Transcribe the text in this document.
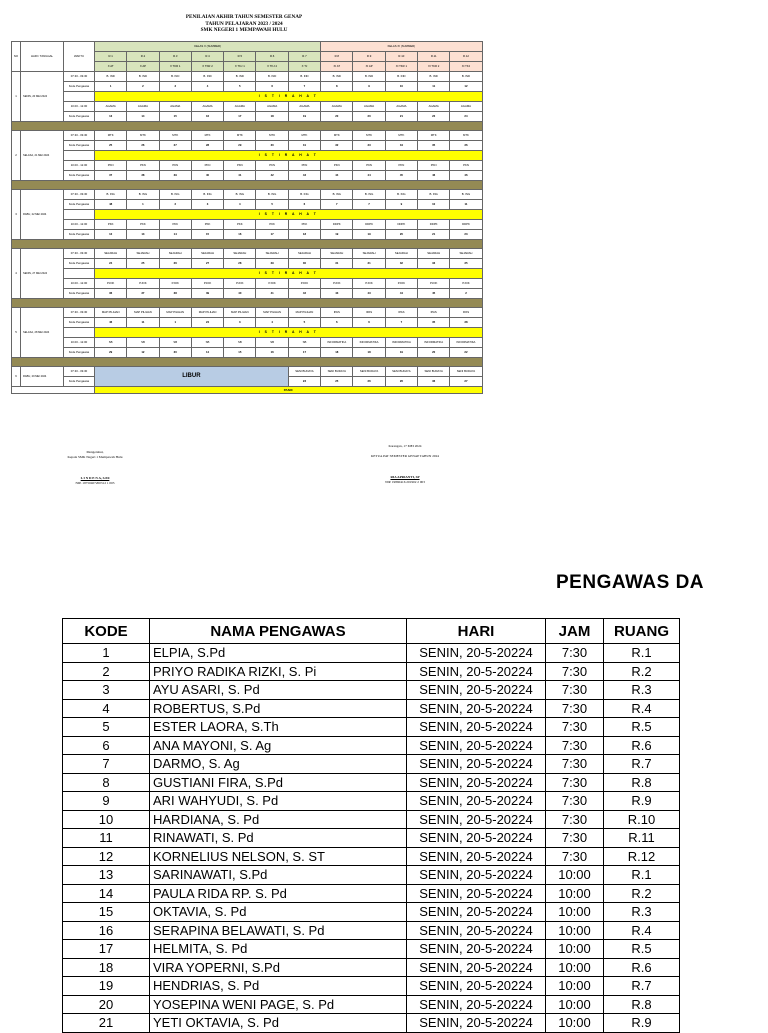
PENILAIAN AKHIR TAHUN SEMESTER GENAP
TAHUN PELAJARAN 2023 / 2024
SMK NEGERI 1 MEMPAWAH HULU
NO	HARI / TANGGAL	WAKTU	KELAS X (SUMMER)							KELAS XI (SUMMER)				
			R.1	R.2	R.3	R.4	R.5	R.6	R.7	R.8	R.9	R.10	R.11	R.12
			X AT	X AP	X TKR 1	X TKR 2	X TKJ 1	X TKJ 2	X TJ	XI AT	XI AP	XI TKR 1	XI TKR 2	XI TKJ
1	SENIN, 20 MEI 2024	07.30 - 09.30	B. IND	B. IND	B. IND	B. IND	B. IND	B. IND	B. IND	B. IND	B. IND	B. IND	B. IND	B. IND
		Kode Pengawas	1	2	3	4	5	6	7	8	9	10	11	12
			I S T I R A H A T											
		10.00 - 12.00	AGAMA	AGAMA	AGAMA	AGAMA	AGAMA	AGAMA	AGAMA	AGAMA	AGAMA	AGAMA	AGAMA	AGAMA
		Kode Pengawas	13	14	15	16	17	18	19	20	20	21	22	24

2	SELASA, 21 MEI 2024	07.30 - 09.30	MTK	MTK	MTK	MTK	MTK	MTK	MTK	MTK	MTK	MTK	MTK	MTK
		Kode Pengawas	25	26	27	28	29	30	31	32	33	34	35	36
			I S T I R A H A T											
		10.00 - 12.00	PKN	PKN	PKN	PKN	PKN	PKN	PKN	PKN	PKN	PKN	PKN	PKN
		Kode Pengawas	37	38	39	40	41	42	43	44	44	45	46	46

3	RABU, 22 MEI 2024	07.30 - 09.30	B. ING	B. ING	B. ING	B. ING	B. ING	B. ING	B. ING	B. ING	B. ING	B. ING	B. ING	B. ING
		Kode Pengawas	48	1	2	3	4	5	6	7	7	9	10	11
			I S T I R A H A T											
		10.00 - 12.00	PKK	PKK	PKK	PKK	PKK	PKK	PKK	DDPK	DDPK	DDPK	DDPK	DDPK
		Kode Pengawas	12	13	14	15	16	17	18	19	19	20	21	23

4	SENIN, 27 MEI 2024	07.30 - 09.30	SEJARAH	SEJARAH	SEJARAH	SEJARAH	SEJARAH	SEJARAH	SEJARAH	SEJARAH	SEJARAH	SEJARAH	SEJARAH	SEJARAH
		Kode Pengawas	24	25	26	27	28	29	30	31	31	32	33	35
			I S T I R A H A T											
		10.00 - 12.00	PJOK	PJOK	PJOK	PJOK	PJOK	PJOK	PJOK	PJOK	PJOK	PJOK	PJOK	PJOK
		Kode Pengawas	36	37	38	39	40	41	42	43	43	44	45	2

5	SELASA, 28 MEI 2024	07.30 - 09.30	MAP PILIHAN	MAP PILIHAN	MAP PILIHAN	MAP PILIHAN	MAP PILIHAN	MAP PILIHAN	MAP PILIHAN	IPAS	IPAS	IPAS	IPAS	IPAS
		Kode Pengawas	46	11	1	24	3	4	5	6	6	7	35	38
			I S T I R A H A T											
		10.00 - 12.00	SB	SB	SB	SB	SB	SB	SB	INFORMATIKA	INFORMATIKA	INFORMATIKA	INFORMATIKA	INFORMATIKA
		Kode Pengawas	29	12	30	14	15	16	17	18	18	19	20	22

6	RABU, 29 MEI 2024	07.30 - 09.30	LIBUR						SENI BUDAYA	SENI BUDAYA	SENI BUDAYA	SENI BUDAYA	SENI BUDAYA	SENI BUDAYA
		Kode Pengawas							23	25	26	26	36	27
			PANIC											
Mengetahui,
Kepala SMK Negeri 1 Mempawah Hulu
L I N D E N A, S.Pd
NIP. 19750407200312 1 003
Karangan, 17 MEI 2024
KETUA PAT SEMESTER GENAP TAHUN 2024
RIA APRIANTI, SP
NIP. 19860416 201902 2 003
PENGAWAS DA
KODE	NAMA PENGAWAS	HARI	JAM	RUANG
1	ELPIA, S.Pd	SENIN, 20-5-20224	7:30	R.1
2	PRIYO RADIKA RIZKI, S. Pi	SENIN, 20-5-20224	7:30	R.2
3	AYU ASARI, S. Pd	SENIN, 20-5-20224	7:30	R.3
4	ROBERTUS, S.Pd	SENIN, 20-5-20224	7:30	R.4
5	ESTER LAORA, S.Th	SENIN, 20-5-20224	7:30	R.5
6	ANA MAYONI, S. Ag	SENIN, 20-5-20224	7:30	R.6
7	DARMO, S. Ag	SENIN, 20-5-20224	7:30	R.7
8	GUSTIANI FIRA, S.Pd	SENIN, 20-5-20224	7:30	R.8
9	ARI WAHYUDI, S. Pd	SENIN, 20-5-20224	7:30	R.9
10	HARDIANA, S. Pd	SENIN, 20-5-20224	7:30	R.10
11	RINAWATI, S. Pd	SENIN, 20-5-20224	7:30	R.11
12	KORNELIUS NELSON, S. ST	SENIN, 20-5-20224	7:30	R.12
13	SARINAWATI, S.Pd	SENIN, 20-5-20224	10:00	R.1
14	PAULA RIDA RP. S. Pd	SENIN, 20-5-20224	10:00	R.2
15	OKTAVIA, S. Pd	SENIN, 20-5-20224	10:00	R.3
16	SERAPINA BELAWATI, S. Pd	SENIN, 20-5-20224	10:00	R.4
17	HELMITA, S. Pd	SENIN, 20-5-20224	10:00	R.5
18	VIRA YOPERNI, S.Pd	SENIN, 20-5-20224	10:00	R.6
19	HENDRIAS, S. Pd	SENIN, 20-5-20224	10:00	R.7
20	YOSEPINA WENI PAGE, S. Pd	SENIN, 20-5-20224	10:00	R.8
21	YETI OKTAVIA, S. Pd	SENIN, 20-5-20224	10:00	R.9
